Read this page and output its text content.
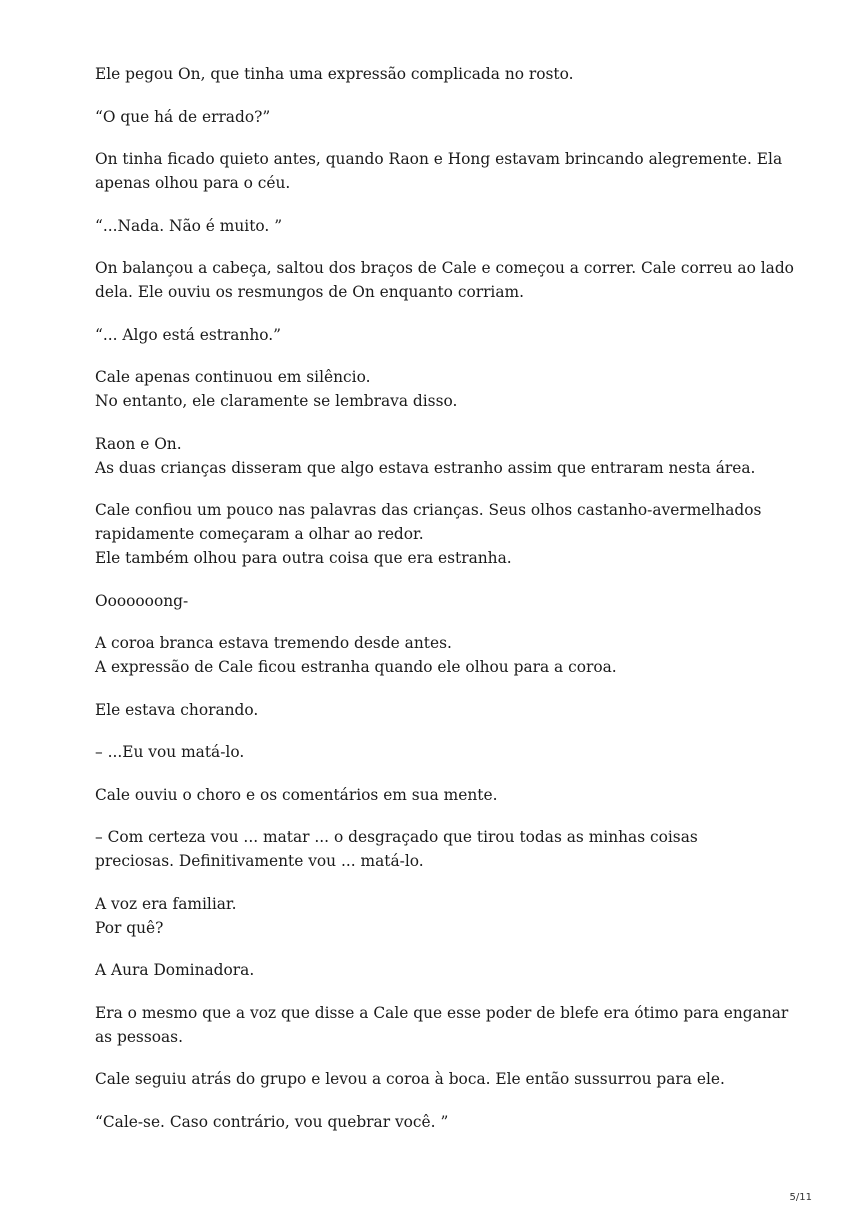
Ele pegou On, que tinha uma expressão complicada no rosto.

“O que há de errado?”

On tinha ficado quieto antes, quando Raon e Hong estavam brincando alegremente. Ela
apenas olhou para o céu.

“...Nada. Não é muito. ”

On balançou a cabeça, saltou dos braços de Cale e começou a correr. Cale correu ao lado
dela. Ele ouviu os resmungos de On enquanto corriam.

“... Algo está estranho.”

Cale apenas continuou em silêncio.
No entanto, ele claramente se lembrava disso.

Raon e On.
As duas crianças disseram que algo estava estranho assim que entraram nesta área.

Cale confiou um pouco nas palavras das crianças. Seus olhos castanho-avermelhados
rapidamente começaram a olhar ao redor.
Ele também olhou para outra coisa que era estranha.

Ooooooong-

A coroa branca estava tremendo desde antes.
A expressão de Cale ficou estranha quando ele olhou para a coroa.

Ele estava chorando.

– ...Eu vou matá-lo.

Cale ouviu o choro e os comentários em sua mente.

– Com certeza vou ... matar ... o desgraçado que tirou todas as minhas coisas
preciosas. Definitivamente vou ... matá-lo.

A voz era familiar.
Por quê?

A Aura Dominadora.

Era o mesmo que a voz que disse a Cale que esse poder de blefe era ótimo para enganar
as pessoas.

Cale seguiu atrás do grupo e levou a coroa à boca. Ele então sussurrou para ele.

“Cale-se. Caso contrário, vou quebrar você. ”

5/11
